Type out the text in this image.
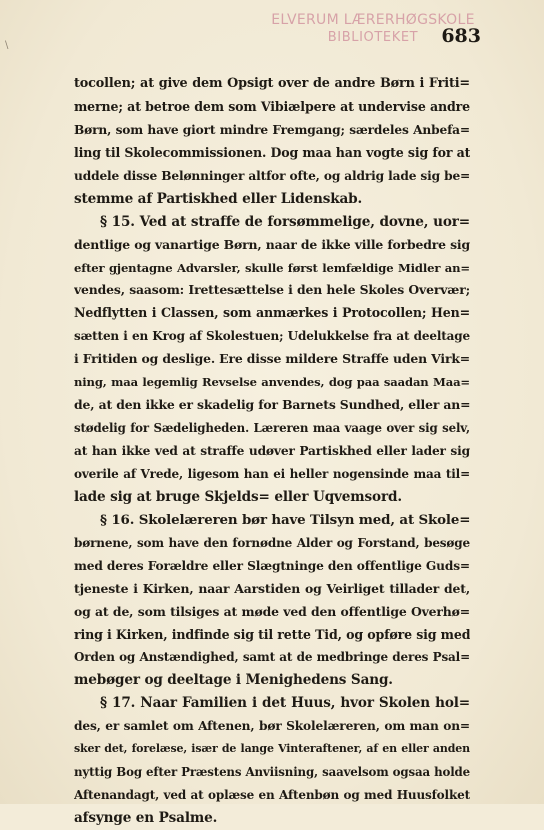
\
ELVERUM LÆRERHØGSKOLE
BIBLIOTEKET	683
tocollen; at give dem Opsigt over de andre Børn i Friti=
merne; at betroe dem som Vibiælpere at undervise andre
Børn, som have giort mindre Fremgang; særdeles Anbefa=
ling til Skolecommissionen. Dog maa han vogte sig for at
uddele disse Belønninger altfor ofte, og aldrig lade sig be=
stemme af Partiskhed eller Lidenskab.
§ 15. Ved at straffe de forsømmelige, dovne, uor=
dentlige og vanartige Børn, naar de ikke ville forbedre sig
efter gjentagne Advarsler, skulle først lemfældige Midler an=
vendes, saasom: Irettesættelse i den hele Skoles Overvær;
Nedflytten i Classen, som anmærkes i Protocollen; Hen=
sætten i en Krog af Skolestuen; Udelukkelse fra at deeltage
i Fritiden og deslige. Ere disse mildere Straffe uden Virk=
ning, maa legemlig Revselse anvendes, dog paa saadan Maa=
de, at den ikke er skadelig for Barnets Sundhed, eller an=
stødelig for Sædeligheden. Læreren maa vaage over sig selv,
at han ikke ved at straffe udøver Partiskhed eller lader sig
overile af Vrede, ligesom han ei heller nogensinde maa til=
lade sig at bruge Skjelds= eller Uqvemsord.
§ 16. Skolelæreren bør have Tilsyn med, at Skole=
børnene, som have den fornødne Alder og Forstand, besøge
med deres Forældre eller Slægtninge den offentlige Guds=
tjeneste i Kirken, naar Aarstiden og Veirliget tillader det,
og at de, som tilsiges at møde ved den offentlige Overhø=
ring i Kirken, indfinde sig til rette Tid, og opføre sig med
Orden og Anstændighed, samt at de medbringe deres Psal=
mebøger og deeltage i Menighedens Sang.
§ 17. Naar Familien i det Huus, hvor Skolen hol=
des, er samlet om Aftenen, bør Skolelæreren, om man on=
sker det, forelæse, især de lange Vinteraftener, af en eller anden
nyttig Bog efter Præstens Anviisning, saavelsom ogsaa holde
Aftenandagt, ved at oplæse en Aftenbøn og med Huusfolket
afsynge en Psalme.
